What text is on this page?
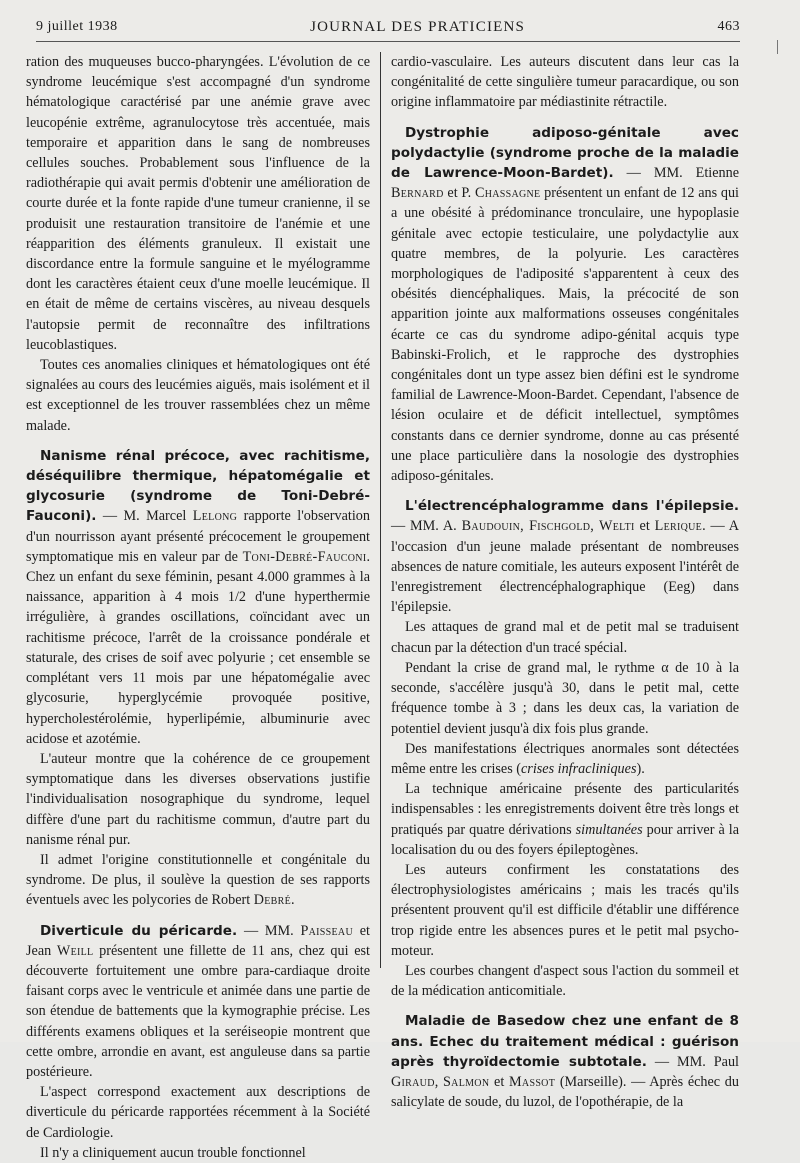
9 juillet 1938	JOURNAL DES PRATICIENS	463

ration des muqueuses bucco-pharyngées. L'évolution de ce syndrome leucémique s'est accompagné d'un syndrome hématologique caractérisé par une anémie grave avec leucopénie extrême, agranulocytose très accentuée, mais temporaire et apparition dans le sang de nombreuses cellules souches. Probablement sous l'influence de la radiothérapie qui avait permis d'obtenir une amélioration de courte durée et la fonte rapide d'une tumeur cranienne, il se produisit une restauration transitoire de l'anémie et une réapparition des éléments granuleux. Il existait une discordance entre la formule sanguine et le myélogramme dont les caractères étaient ceux d'une moelle leucémique. Il en était de même de certains viscères, au niveau desquels l'autopsie permit de reconnaître des infiltrations leucoblastiques.

Toutes ces anomalies cliniques et hématologiques ont été signalées au cours des leucémies aiguës, mais isolément et il est exceptionnel de les trouver rassemblées chez un même malade.

Nanisme rénal précoce, avec rachitisme, déséquilibre thermique, hépatomégalie et glycosurie (syndrome de Toni-Debré-Fauconi). — M. Marcel Lelong rapporte l'observation d'un nourrisson ayant présenté précocement le groupement symptomatique mis en valeur par de Toni-Debré-Fauconi. Chez un enfant du sexe féminin, pesant 4.000 grammes à la naissance, apparition à 4 mois 1/2 d'une hyperthermie irrégulière, à grandes oscillations, coïncidant avec un rachitisme précoce, l'arrêt de la croissance pondérale et staturale, des crises de soif avec polyurie ; cet ensemble se complétant vers 11 mois par une hépatomégalie avec glycosurie, hyperglycémie provoquée positive, hypercholestérolémie, hyperlipémie, albuminurie avec acidose et azotémie.

L'auteur montre que la cohérence de ce groupement symptomatique dans les diverses observations justifie l'individualisation nosographique du syndrome, lequel diffère d'une part du rachitisme commun, d'autre part du nanisme rénal pur.

Il admet l'origine constitutionnelle et congénitale du syndrome. De plus, il soulève la question de ses rapports éventuels avec les polycories de Robert Debré.

Diverticule du péricarde. — MM. Paisseau et Jean Weill présentent une fillette de 11 ans, chez qui est découverte fortuitement une ombre para-cardiaque droite faisant corps avec le ventricule et animée dans une partie de son étendue de battements que la kymographie précise. Les différents examens obliques et la seréiseopie montrent que cette ombre, arrondie en avant, est anguleuse dans sa partie postérieure.

L'aspect correspond exactement aux descriptions de diverticule du péricarde rapportées récemment à la Société de Cardiologie.

Il n'y a cliniquement aucun trouble fonctionnel

cardio-vasculaire. Les auteurs discutent dans leur cas la congénitalité de cette singulière tumeur paracardique, ou son origine inflammatoire par médiastinite rétractile.

Dystrophie adiposo-génitale avec polydactylie (syndrome proche de la maladie de Lawrence-Moon-Bardet). — MM. Etienne Bernard et P. Chassagne présentent un enfant de 12 ans qui a une obésité à prédominance tronculaire, une hypoplasie génitale avec ectopie testiculaire, une polydactylie aux quatre membres, de la polyurie. Les caractères morphologiques de l'adiposité s'apparentent à ceux des obésités diencéphaliques. Mais, la précocité de son apparition jointe aux malformations osseuses congénitales écarte ce cas du syndrome adipo-génital acquis type Babinski-Frolich, et le rapproche des dystrophies congénitales dont un type assez bien défini est le syndrome familial de Lawrence-Moon-Bardet. Cependant, l'absence de lésion oculaire et de déficit intellectuel, symptômes constants dans ce dernier syndrome, donne au cas présenté une place particulière dans la nosologie des dystrophies adiposo-génitales.

L'électrencéphalogramme dans l'épilepsie. — MM. A. Baudouin, Fischgold, Welti et Lerique. — A l'occasion d'un jeune malade présentant de nombreuses absences de nature comitiale, les auteurs exposent l'intérêt de l'enregistrement électrencéphalographique (Eeg) dans l'épilepsie.

Les attaques de grand mal et de petit mal se traduisent chacun par la détection d'un tracé spécial.

Pendant la crise de grand mal, le rythme α de 10 à la seconde, s'accélère jusqu'à 30, dans le petit mal, cette fréquence tombe à 3 ; dans les deux cas, la variation de potentiel devient jusqu'à dix fois plus grande.

Des manifestations électriques anormales sont détectées même entre les crises (crises infracliniques).

La technique américaine présente des particularités indispensables : les enregistrements doivent être très longs et pratiqués par quatre dérivations simultanées pour arriver à la localisation du ou des foyers épileptogènes.

Les auteurs confirment les constatations des électrophysiologistes américains ; mais les tracés qu'ils présentent prouvent qu'il est difficile d'établir une différence trop rigide entre les absences pures et le petit mal psycho-moteur.

Les courbes changent d'aspect sous l'action du sommeil et de la médication anticomitiale.

Maladie de Basedow chez une enfant de 8 ans. Echec du traitement médical : guérison après thyroïdectomie subtotale. — MM. Paul Giraud, Salmon et Massot (Marseille). — Après échec du salicylate de soude, du luzol, de l'opothérapie, de la
